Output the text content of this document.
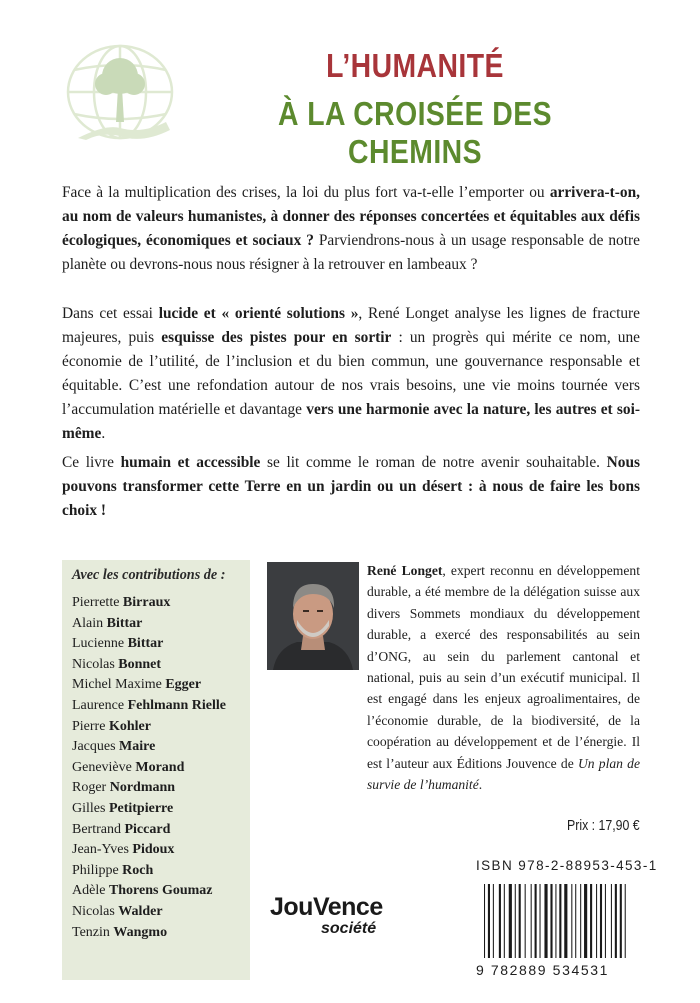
L’HUMANITÉ
À LA CROISÉE DES CHEMINS
Face à la multiplication des crises, la loi du plus fort va-t-elle l’emporter ou arrivera-t-on, au nom de valeurs humanistes, à donner des réponses concertées et équitables aux défis écologiques, économiques et sociaux ? Parviendrons-nous à un usage responsable de notre planète ou devrons-nous nous résigner à la retrouver en lambeaux ?
Dans cet essai lucide et « orienté solutions », René Longet analyse les lignes de fracture majeures, puis esquisse des pistes pour en sortir : un progrès qui mérite ce nom, une économie de l’utilité, de l’inclusion et du bien commun, une gouvernance responsable et équitable. C’est une refondation autour de nos vrais besoins, une vie moins tournée vers l’accumulation matérielle et davantage vers une harmonie avec la nature, les autres et soi-même.
Ce livre humain et accessible se lit comme le roman de notre avenir souhaitable. Nous pouvons transformer cette Terre en un jardin ou un désert : à nous de faire les bons choix !
Avec les contributions de :
Pierrette Birraux
Alain Bittar
Lucienne Bittar
Nicolas Bonnet
Michel Maxime Egger
Laurence Fehlmann Rielle
Pierre Kohler
Jacques Maire
Geneviève Morand
Roger Nordmann
Gilles Petitpierre
Bertrand Piccard
Jean-Yves Pidoux
Philippe Roch
Adèle Thorens Goumaz
Nicolas Walder
Tenzin Wangmo
René Longet, expert reconnu en développement durable, a été membre de la délégation suisse aux divers Sommets mondiaux du développement durable, a exercé des responsabilités au sein d’ONG, au sein du parlement cantonal et national, puis au sein d’un exécutif municipal. Il est engagé dans les enjeux agroalimentaires, de l’économie durable, de la biodiversité, de la coopération au développement et de l’énergie. Il est l’auteur aux Éditions Jouvence de Un plan de survie de l’humanité.
Prix : 17,90 €
ISBN 978-2-88953-453-1
9 782889 534531
JouVence
société
